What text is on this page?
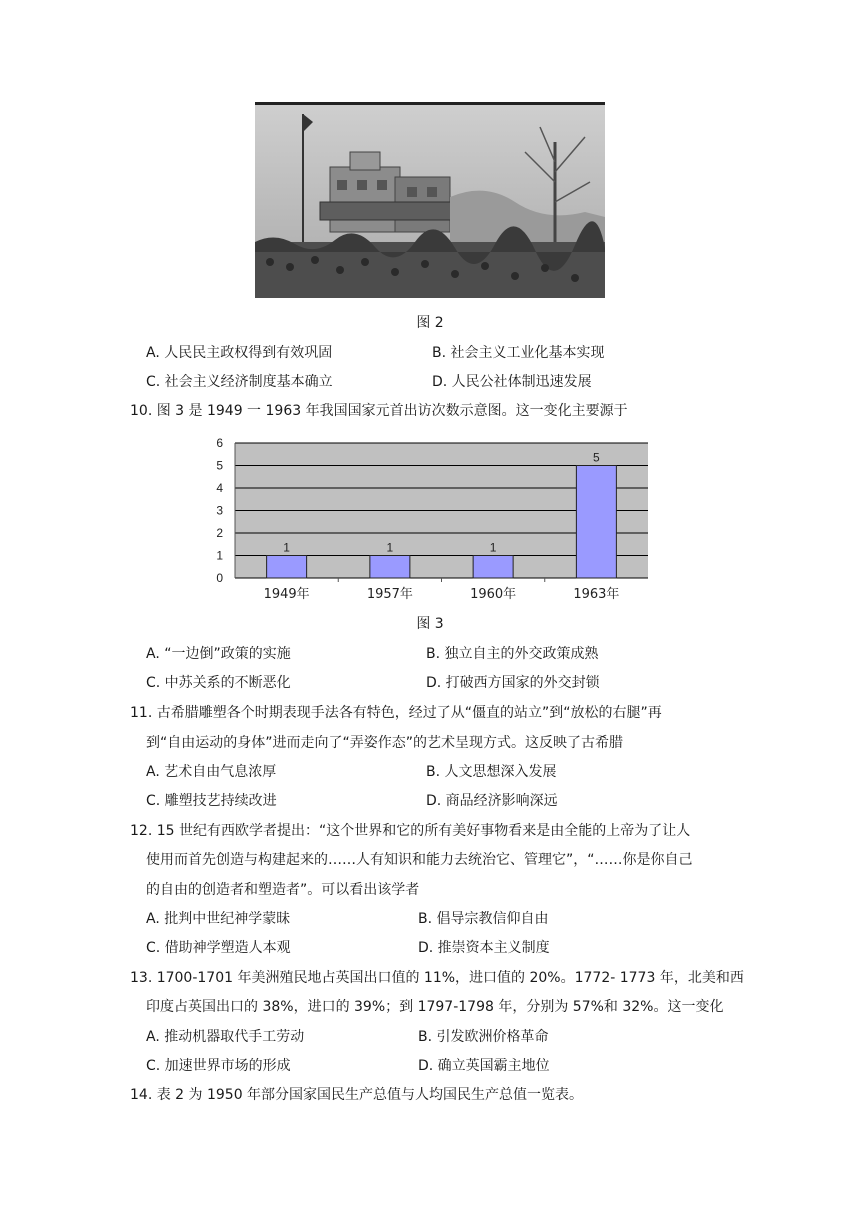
图 2
A. 人民民主政权得到有效巩固	B. 社会主义工业化基本实现
C. 社会主义经济制度基本确立	D. 人民公社体制迅速发展
10. 图 3 是 1949 一 1963 年我国国家元首出访次数示意图。这一变化主要源于
0
1
2
3
4
5
6
1
1949年
1
1957年
1
1960年
5
1963年
图 3
A. “一边倒”政策的实施	B. 独立自主的外交政策成熟
C. 中苏关系的不断恶化	D. 打破西方国家的外交封锁
11. 古希腊雕塑各个时期表现手法各有特色，经过了从“僵直的站立”到“放松的右腿”再
到“自由运动的身体”进而走向了“弄姿作态”的艺术呈现方式。这反映了古希腊
A. 艺术自由气息浓厚	B. 人文思想深入发展
C. 雕塑技艺持续改进	D. 商品经济影响深远
12. 15 世纪有西欧学者提出：“这个世界和它的所有美好事物看来是由全能的上帝为了让人
使用而首先创造与构建起来的……人有知识和能力去统治它、管理它”，“……你是你自己
的自由的创造者和塑造者”。可以看出该学者
A. 批判中世纪神学蒙昧	B. 倡导宗教信仰自由
C. 借助神学塑造人本观	D. 推崇资本主义制度
13. 1700-1701 年美洲殖民地占英国出口值的 11%，进口值的 20%。1772- 1773 年，北美和西
印度占英国出口的 38%，进口的 39%；到 1797-1798 年，分别为 57%和 32%。这一变化
A. 推动机器取代手工劳动	B. 引发欧洲价格革命
C. 加速世界市场的形成	D. 确立英国霸主地位
14. 表 2 为 1950 年部分国家国民生产总值与人均国民生产总值一览表。
